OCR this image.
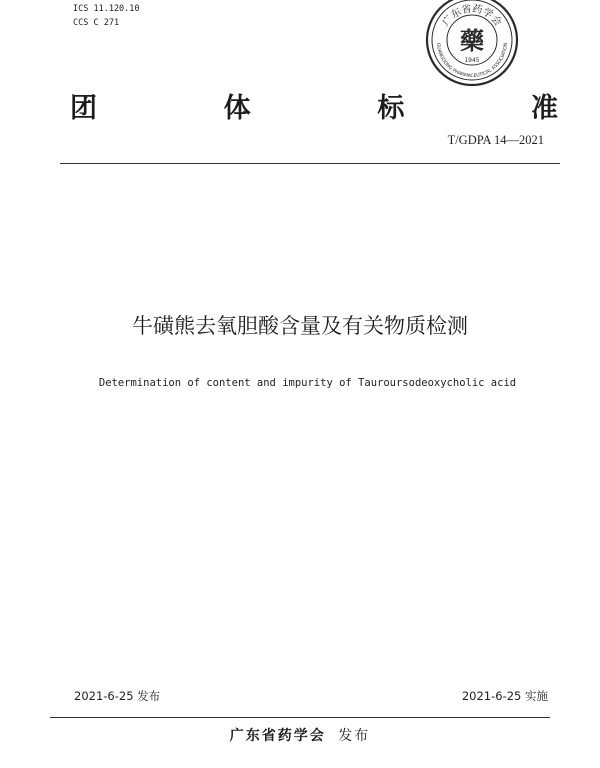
ICS 11.120.10
CCS C 271	广东省药学会
藥
1945
GUANGDONG PHARMACEUTICAL ASSOCIATION
团	体	标	准
T/GDPA 14—2021
牛磺熊去氧胆酸含量及有关物质检测
Determination of content and impurity of Tauroursodeoxycholic acid
2021-6-25 发布	2021-6-25 实施
广东省药学会 发布
